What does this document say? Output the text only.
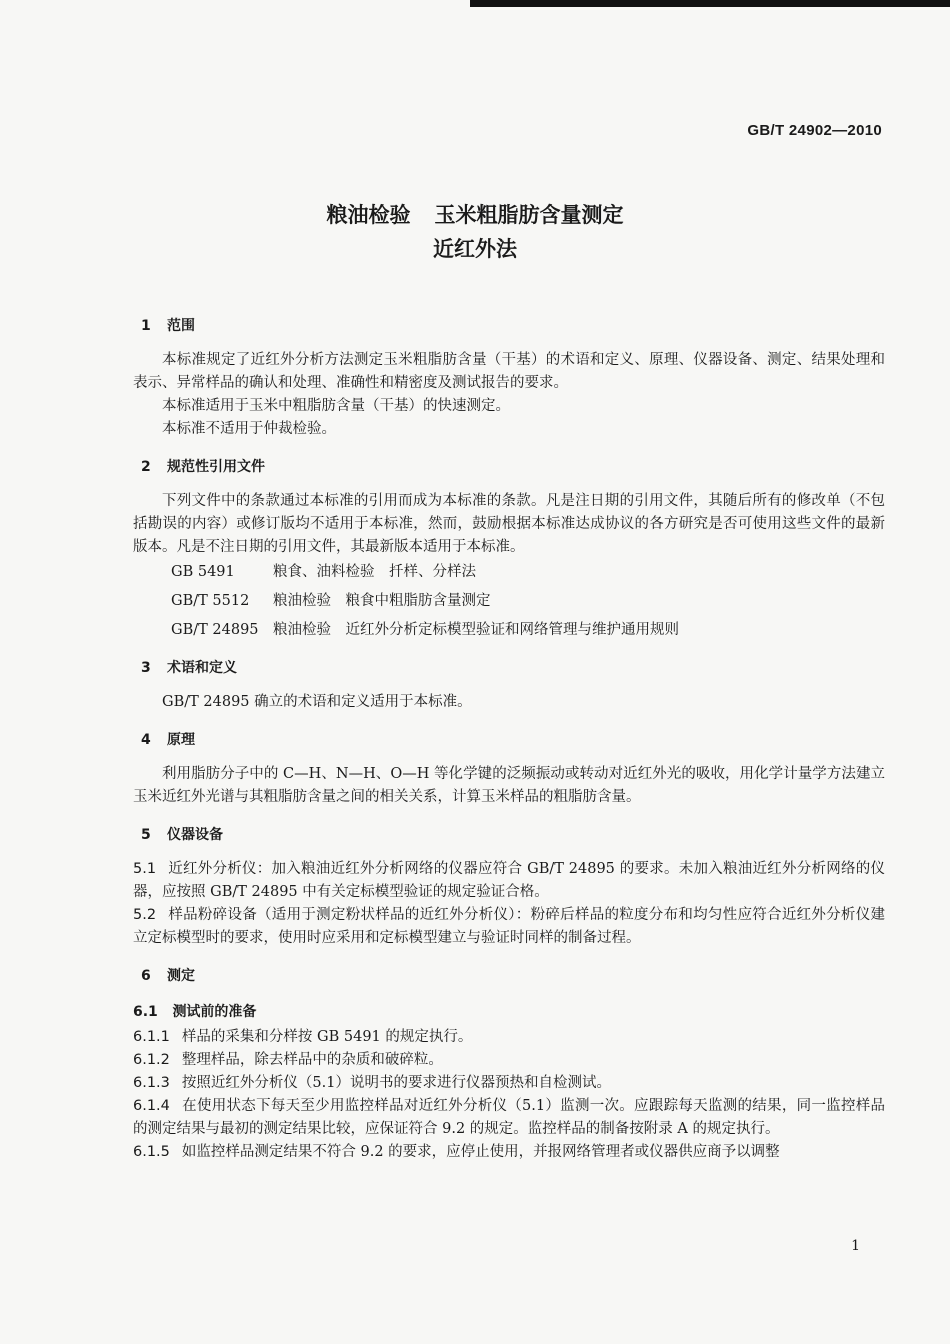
GB/T 24902—2010
粮油检验 玉米粗脂肪含量测定
近红外法
1 范围

本标准规定了近红外分析方法测定玉米粗脂肪含量（干基）的术语和定义、原理、仪器设备、测定、结果处理和表示、异常样品的确认和处理、准确性和精密度及测试报告的要求。

本标准适用于玉米中粗脂肪含量（干基）的快速测定。

本标准不适用于仲裁检验。

2 规范性引用文件

下列文件中的条款通过本标准的引用而成为本标准的条款。凡是注日期的引用文件，其随后所有的修改单（不包括勘误的内容）或修订版均不适用于本标准，然而，鼓励根据本标准达成协议的各方研究是否可使用这些文件的最新版本。凡是不注日期的引用文件，其最新版本适用于本标准。

GB 5491	粮食、油料检验　扦样、分样法
GB/T 5512 粮油检验　粮食中粗脂肪含量测定
GB/T 24895 粮油检验　近红外分析定标模型验证和网络管理与维护通用规则
3 术语和定义

GB/T 24895 确立的术语和定义适用于本标准。

4 原理

利用脂肪分子中的 C—H、N—H、O—H 等化学键的泛频振动或转动对近红外光的吸收，用化学计量学方法建立玉米近红外光谱与其粗脂肪含量之间的相关关系，计算玉米样品的粗脂肪含量。

5 仪器设备

5.1 近红外分析仪：加入粮油近红外分析网络的仪器应符合 GB/T 24895 的要求。未加入粮油近红外分析网络的仪器，应按照 GB/T 24895 中有关定标模型验证的规定验证合格。

5.2 样品粉碎设备（适用于测定粉状样品的近红外分析仪）：粉碎后样品的粒度分布和均匀性应符合近红外分析仪建立定标模型时的要求，使用时应采用和定标模型建立与验证时同样的制备过程。

6 测定
6.1 测试前的准备

6.1.1 样品的采集和分样按 GB 5491 的规定执行。

6.1.2 整理样品，除去样品中的杂质和破碎粒。

6.1.3 按照近红外分析仪（5.1）说明书的要求进行仪器预热和自检测试。

6.1.4 在使用状态下每天至少用监控样品对近红外分析仪（5.1）监测一次。应跟踪每天监测的结果，同一监控样品的测定结果与最初的测定结果比较，应保证符合 9.2 的规定。监控样品的制备按附录 A 的规定执行。

6.1.5 如监控样品测定结果不符合 9.2 的要求，应停止使用，并报网络管理者或仪器供应商予以调整

1
